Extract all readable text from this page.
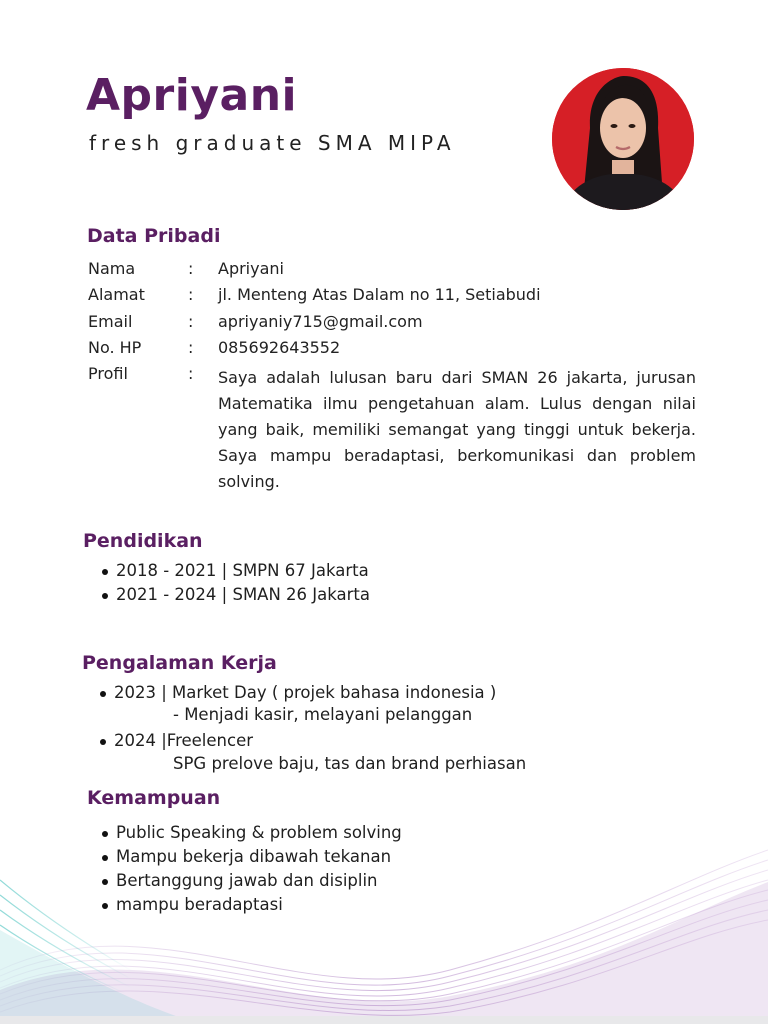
Apriyani
fresh graduate SMA MIPA
Data Pribadi
Nama	: Apriyani
Alamat	: jl. Menteng Atas Dalam no 11, Setiabudi
Email	: apriyaniy715@gmail.com
No. HP	: 085692643552
Profil	: Saya adalah lulusan baru dari SMAN 26 jakarta, jurusan Matematika ilmu pengetahuan alam. Lulus dengan nilai yang baik, memiliki semangat yang tinggi untuk bekerja. Saya mampu beradaptasi, berkomunikasi dan problem solving.
Pendidikan
2018 - 2021 | SMPN 67 Jakarta
2021 - 2024 | SMAN 26 Jakarta
Pengalaman Kerja
2023 | Market Day ( projek bahasa indonesia )
- Menjadi kasir, melayani pelanggan
2024 |Freelencer
SPG prelove baju, tas dan brand perhiasan
Kemampuan
Public Speaking & problem solving
Mampu bekerja dibawah tekanan
Bertanggung jawab dan disiplin
mampu beradaptasi
